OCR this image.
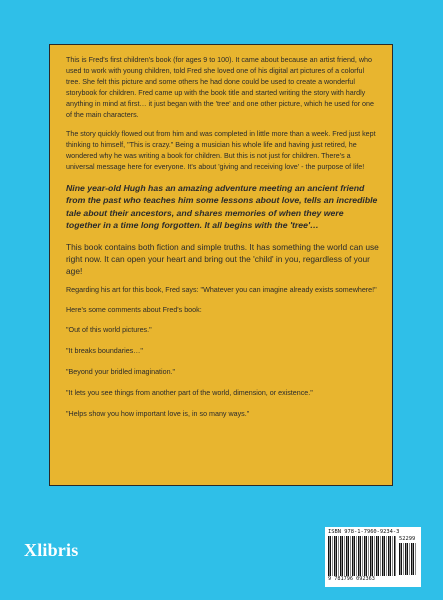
This is Fred's first children's book (for ages 9 to 100). It came about because an artist friend, who used to work with young children, told Fred she loved one of his digital art pictures of a colorful tree. She felt this picture and some others he had done could be used to create a wonderful storybook for children. Fred came up with the book title and started writing the story with hardly anything in mind at first… it just began with the 'tree' and one other picture, which he used for one of the main characters.

The story quickly flowed out from him and was completed in little more than a week. Fred just kept thinking to himself, "This is crazy." Being a musician his whole life and having just retired, he wondered why he was writing a book for children. But this is not just for children. There's a universal message here for everyone. It's about 'giving and receiving love' - the purpose of life!

Nine year-old Hugh has an amazing adventure meeting an ancient friend from the past who teaches him some lessons about love, tells an incredible tale about their ancestors, and shares memories of when they were together in a time long forgotten. It all begins with the 'tree'…

This book contains both fiction and simple truths. It has something the world can use right now. It can open your heart and bring out the 'child' in you, regardless of your age!

Regarding his art for this book, Fred says: "Whatever you can imagine already exists somewhere!"

Here's some comments about Fred's book:

"Out of this world pictures."

"It breaks boundaries…"

"Beyond your bridled imagination."

"It lets you see things from another part of the world, dimension, or existence."

"Helps show you how important love is, in so many ways."

Xlibris
ISBN 978-1-7960-9234-3
52299
9 781796 092363
